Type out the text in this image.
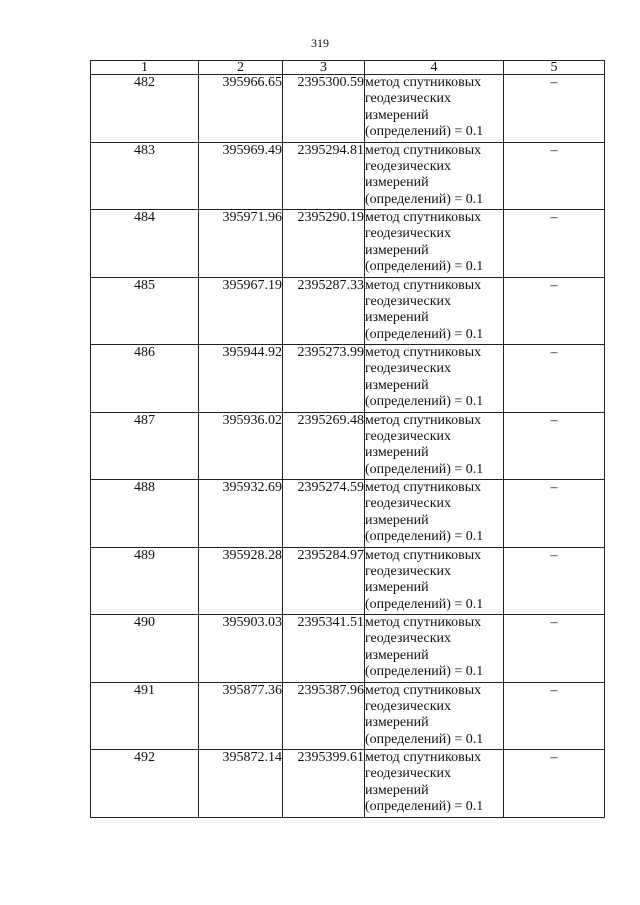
319
1	2	3	4	5
482	395966.65	2395300.59	метод спутниковых
геодезических
измерений
(определений) = 0.1	–
483	395969.49	2395294.81	метод спутниковых
геодезических
измерений
(определений) = 0.1	–
484	395971.96	2395290.19	метод спутниковых
геодезических
измерений
(определений) = 0.1	–
485	395967.19	2395287.33	метод спутниковых
геодезических
измерений
(определений) = 0.1	–
486	395944.92	2395273.99	метод спутниковых
геодезических
измерений
(определений) = 0.1	–
487	395936.02	2395269.48	метод спутниковых
геодезических
измерений
(определений) = 0.1	–
488	395932.69	2395274.59	метод спутниковых
геодезических
измерений
(определений) = 0.1	–
489	395928.28	2395284.97	метод спутниковых
геодезических
измерений
(определений) = 0.1	–
490	395903.03	2395341.51	метод спутниковых
геодезических
измерений
(определений) = 0.1	–
491	395877.36	2395387.96	метод спутниковых
геодезических
измерений
(определений) = 0.1	–
492	395872.14	2395399.61	метод спутниковых
геодезических
измерений
(определений) = 0.1	–
